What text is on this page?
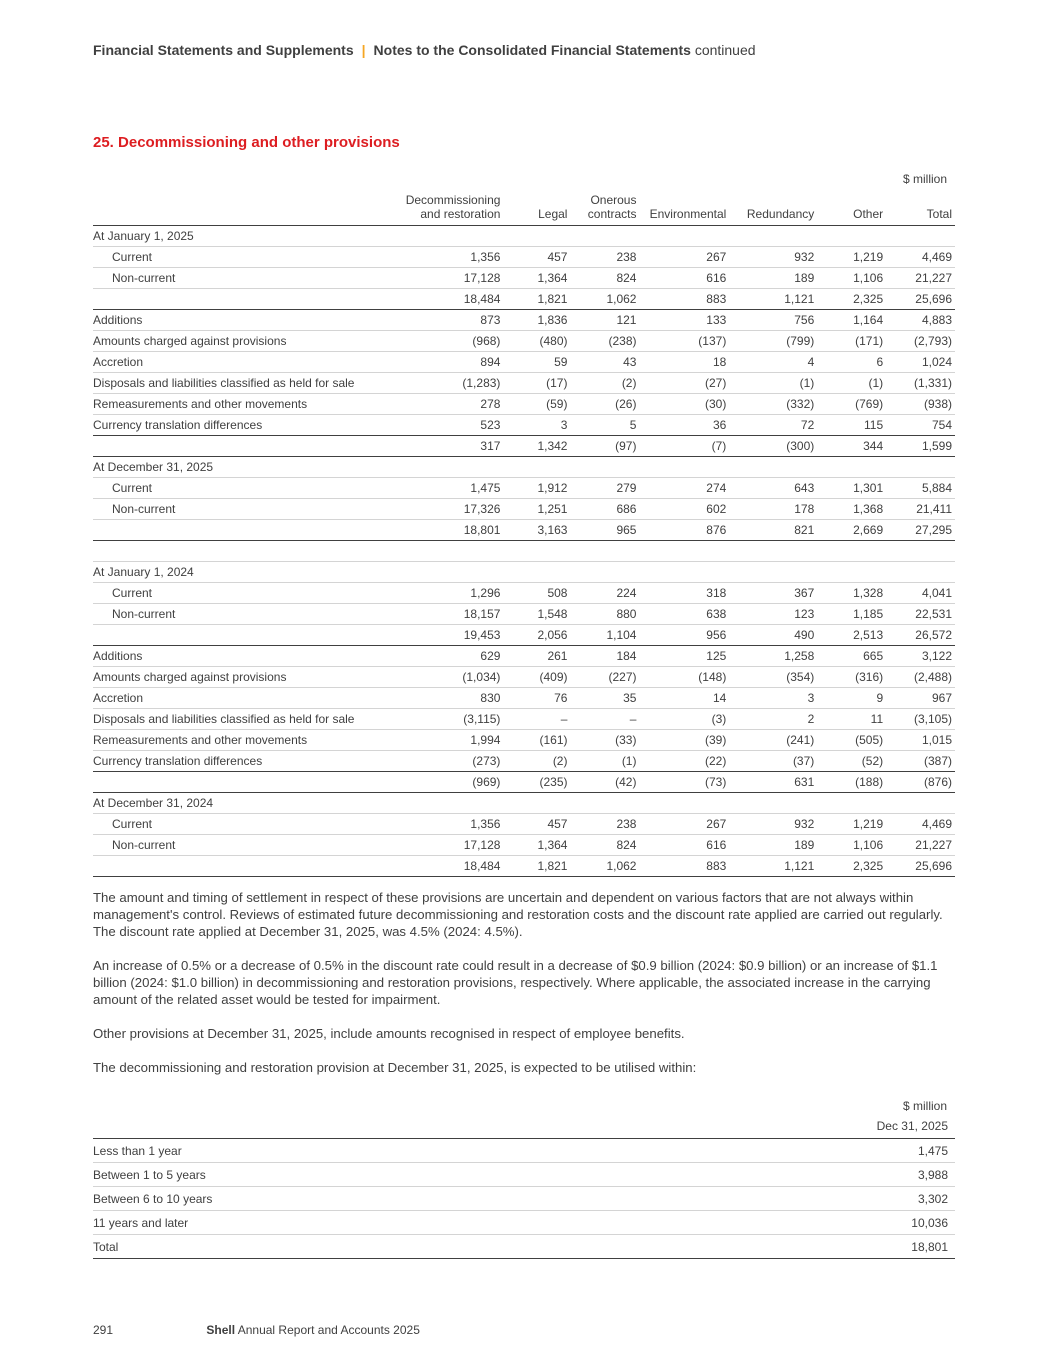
Financial Statements and Supplements | Notes to the Consolidated Financial Statements continued
25. Decommissioning and other provisions
$ million
	Decommissioning and restoration	Legal	Onerous contracts	Environmental	Redundancy	Other	Total
At January 1, 2025							
Current	1,356	457	238	267	932	1,219	4,469
Non-current	17,128	1,364	824	616	189	1,106	21,227
	18,484	1,821	1,062	883	1,121	2,325	25,696
Additions	873	1,836	121	133	756	1,164	4,883
Amounts charged against provisions	(968)	(480)	(238)	(137)	(799)	(171)	(2,793)
Accretion	894	59	43	18	4	6	1,024
Disposals and liabilities classified as held for sale	(1,283)	(17)	(2)	(27)	(1)	(1)	(1,331)
Remeasurements and other movements	278	(59)	(26)	(30)	(332)	(769)	(938)
Currency translation differences	523	3	5	36	72	115	754
	317	1,342	(97)	(7)	(300)	344	1,599
At December 31, 2025							
Current	1,475	1,912	279	274	643	1,301	5,884
Non-current	17,326	1,251	686	602	178	1,368	21,411
	18,801	3,163	965	876	821	2,669	27,295

At January 1, 2024							
Current	1,296	508	224	318	367	1,328	4,041
Non-current	18,157	1,548	880	638	123	1,185	22,531
	19,453	2,056	1,104	956	490	2,513	26,572
Additions	629	261	184	125	1,258	665	3,122
Amounts charged against provisions	(1,034)	(409)	(227)	(148)	(354)	(316)	(2,488)
Accretion	830	76	35	14	3	9	967
Disposals and liabilities classified as held for sale	(3,115)	–	–	(3)	2	11	(3,105)
Remeasurements and other movements	1,994	(161)	(33)	(39)	(241)	(505)	1,015
Currency translation differences	(273)	(2)	(1)	(22)	(37)	(52)	(387)
	(969)	(235)	(42)	(73)	631	(188)	(876)
At December 31, 2024							
Current	1,356	457	238	267	932	1,219	4,469
Non-current	17,128	1,364	824	616	189	1,106	21,227
	18,484	1,821	1,062	883	1,121	2,325	25,696

The amount and timing of settlement in respect of these provisions are uncertain and dependent on various factors that are not always within management's control. Reviews of estimated future decommissioning and restoration costs and the discount rate applied are carried out regularly. The discount rate applied at December 31, 2025, was 4.5% (2024: 4.5%).

An increase of 0.5% or a decrease of 0.5% in the discount rate could result in a decrease of $0.9 billion (2024: $0.9 billion) or an increase of $1.1 billion (2024: $1.0 billion) in decommissioning and restoration provisions, respectively. Where applicable, the associated increase in the carrying amount of the related asset would be tested for impairment.

Other provisions at December 31, 2025, include amounts recognised in respect of employee benefits.

The decommissioning and restoration provision at December 31, 2025, is expected to be utilised within:

$ million
	Dec 31, 2025
Less than 1 year	1,475
Between 1 to 5 years	3,988
Between 6 to 10 years	3,302
11 years and later	10,036
Total	18,801
291	Shell Annual Report and Accounts 2025
